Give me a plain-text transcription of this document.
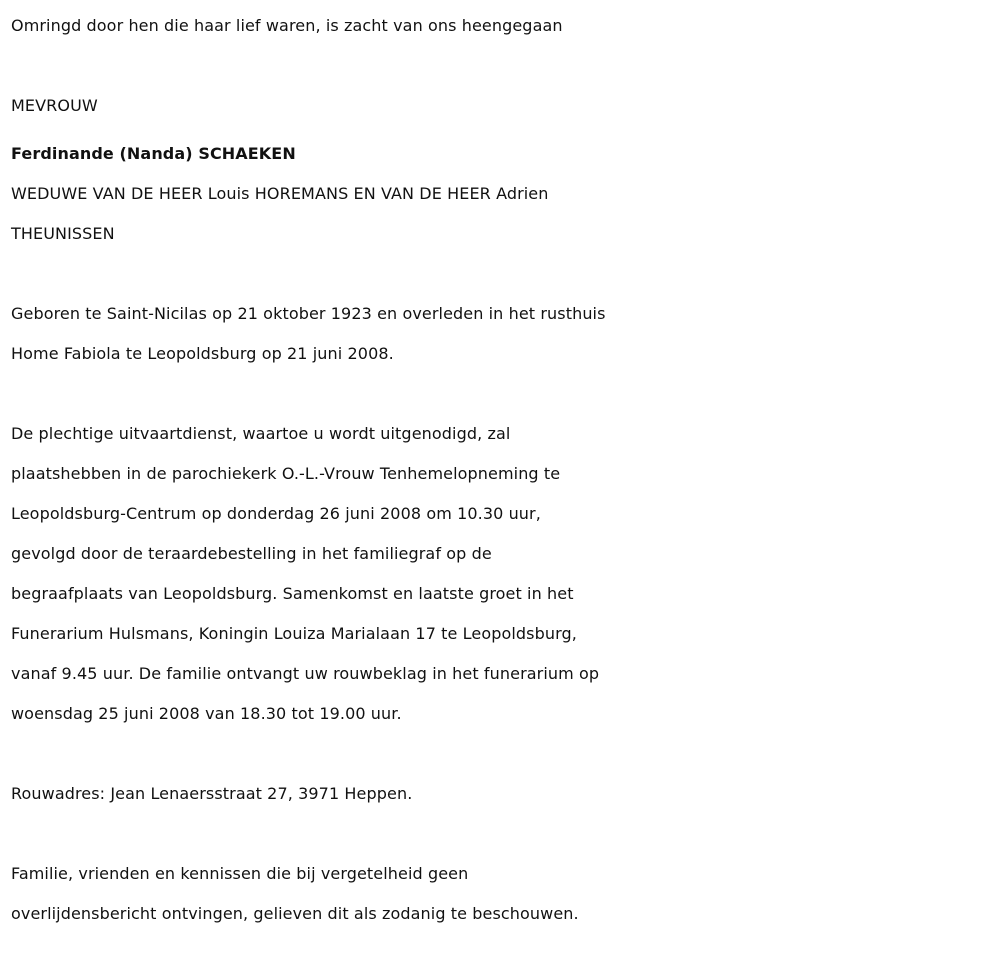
Omringd door hen die haar lief waren, is zacht van ons heengegaan
MEVROUW
Ferdinande (Nanda) SCHAEKEN
WEDUWE VAN DE HEER Louis HOREMANS EN VAN DE HEER Adrien
THEUNISSEN
Geboren te Saint-Nicilas op 21 oktober 1923 en overleden in het rusthuis
Home Fabiola te Leopoldsburg op 21 juni 2008.
De plechtige uitvaartdienst, waartoe u wordt uitgenodigd, zal
plaatshebben in de parochiekerk O.-L.-Vrouw Tenhemelopneming te
Leopoldsburg-Centrum op donderdag 26 juni 2008 om 10.30 uur,
gevolgd door de teraardebestelling in het familiegraf op de
begraafplaats van Leopoldsburg. Samenkomst en laatste groet in het
Funerarium Hulsmans, Koningin Louiza Marialaan 17 te Leopoldsburg,
vanaf 9.45 uur. De familie ontvangt uw rouwbeklag in het funerarium op
woensdag 25 juni 2008 van 18.30 tot 19.00 uur.
Rouwadres: Jean Lenaersstraat 27, 3971 Heppen.
Familie, vrienden en kennissen die bij vergetelheid geen
overlijdensbericht ontvingen, gelieven dit als zodanig te beschouwen.
